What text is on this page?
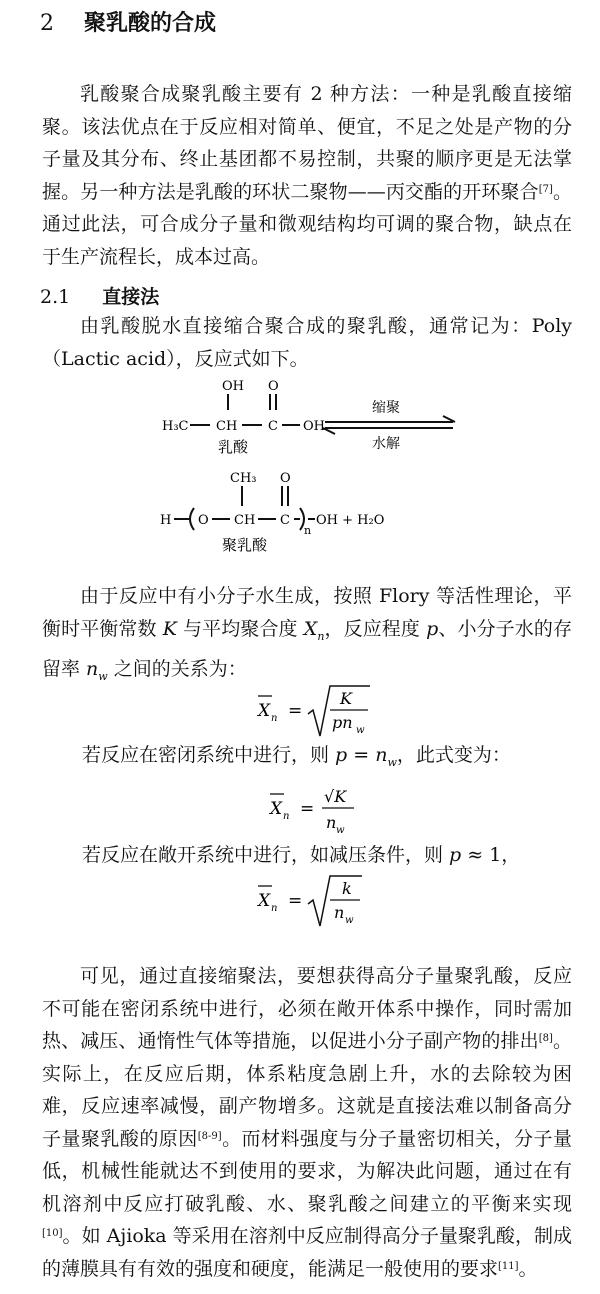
2 聚乳酸的合成

乳酸聚合成聚乳酸主要有 2 种方法：一种是乳酸直接缩聚。该法优点在于反应相对简单、便宜，不足之处是产物的分子量及其分布、终止基团都不易控制，共聚的顺序更是无法掌握。另一种方法是乳酸的环状二聚物——丙交酯的开环聚合[7]。通过此法，可合成分子量和微观结构均可调的聚合物，缺点在于生产流程长，成本过高。

2.1 直接法

由乳酸脱水直接缩合聚合成的聚乳酸，通常记为：Poly（Lactic acid），反应式如下。

OH O
H₃C CH C OH
乳酸
缩聚
水解
CH₃ O
H O CH C
n
OH + H₂O
聚乳酸

由于反应中有小分子水生成，按照 Flory 等活性理论，平衡时平衡常数 K 与平均聚合度 $X_n$，反应程度 p、小分子水的存留率 $n_w$ 之间的关系为：

X n =
K
pn w
若反应在密闭系统中进行，则 $p = n_w$，此式变为：
X n =
√K
n w
若反应在敞开系统中进行，如减压条件，则 p ≈ 1，
X n =
k
n w

可见，通过直接缩聚法，要想获得高分子量聚乳酸，反应不可能在密闭系统中进行，必须在敞开体系中操作，同时需加热、减压、通惰性气体等措施，以促进小分子副产物的排出[8]。实际上，在反应后期，体系粘度急剧上升，水的去除较为困难，反应速率减慢，副产物增多。这就是直接法难以制备高分子量聚乳酸的原因[8-9]。而材料强度与分子量密切相关，分子量低，机械性能就达不到使用的要求，为解决此问题，通过在有机溶剂中反应打破乳酸、水、聚乳酸之间建立的平衡来实现[10]。如 Ajioka 等采用在溶剂中反应制得高分子量聚乳酸，制成的薄膜具有有效的强度和硬度，能满足一般使用的要求[11]。
